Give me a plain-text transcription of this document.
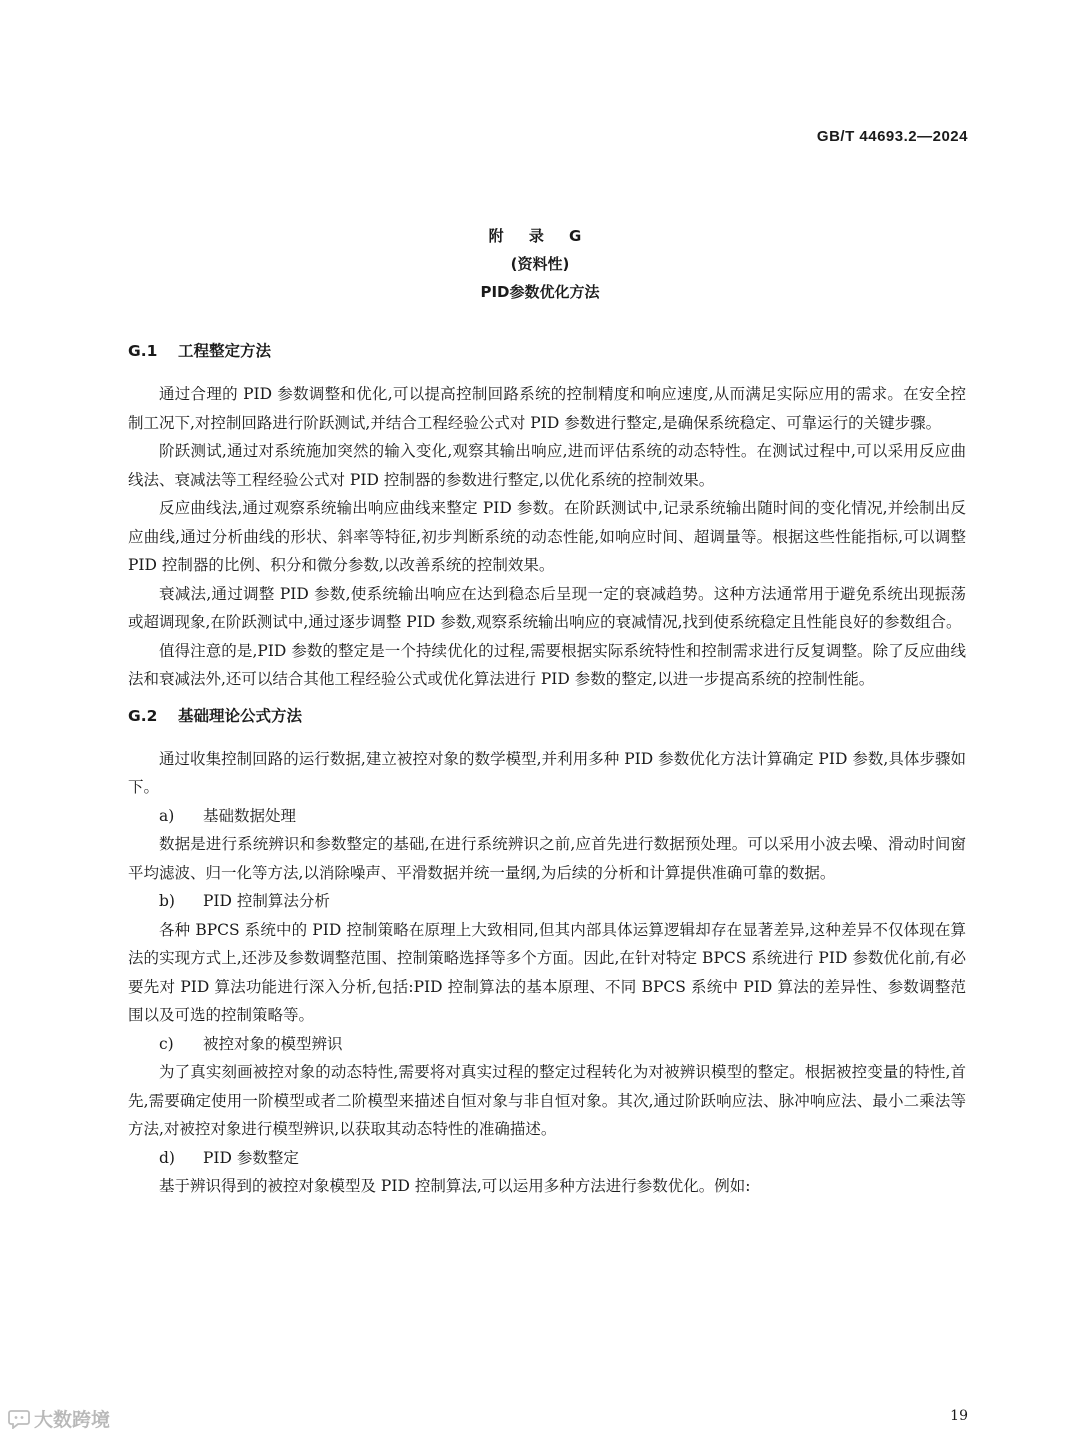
GB/T 44693.2—2024
附 录 G
(资料性)
PID参数优化方法
G.1 工程整定方法

通过合理的 PID 参数调整和优化,可以提高控制回路系统的控制精度和响应速度,从而满足实际应用的需求。在安全控制工况下,对控制回路进行阶跃测试,并结合工程经验公式对 PID 参数进行整定,是确保系统稳定、可靠运行的关键步骤。

阶跃测试,通过对系统施加突然的输入变化,观察其输出响应,进而评估系统的动态特性。在测试过程中,可以采用反应曲线法、衰减法等工程经验公式对 PID 控制器的参数进行整定,以优化系统的控制效果。

反应曲线法,通过观察系统输出响应曲线来整定 PID 参数。在阶跃测试中,记录系统输出随时间的变化情况,并绘制出反应曲线,通过分析曲线的形状、斜率等特征,初步判断系统的动态性能,如响应时间、超调量等。根据这些性能指标,可以调整 PID 控制器的比例、积分和微分参数,以改善系统的控制效果。

衰减法,通过调整 PID 参数,使系统输出响应在达到稳态后呈现一定的衰减趋势。这种方法通常用于避免系统出现振荡或超调现象,在阶跃测试中,通过逐步调整 PID 参数,观察系统输出响应的衰减情况,找到使系统稳定且性能良好的参数组合。

值得注意的是,PID 参数的整定是一个持续优化的过程,需要根据实际系统特性和控制需求进行反复调整。除了反应曲线法和衰减法外,还可以结合其他工程经验公式或优化算法进行 PID 参数的整定,以进一步提高系统的控制性能。

G.2 基础理论公式方法

通过收集控制回路的运行数据,建立被控对象的数学模型,并利用多种 PID 参数优化方法计算确定 PID 参数,具体步骤如下。

a) 基础数据处理

数据是进行系统辨识和参数整定的基础,在进行系统辨识之前,应首先进行数据预处理。可以采用小波去噪、滑动时间窗平均滤波、归一化等方法,以消除噪声、平滑数据并统一量纲,为后续的分析和计算提供准确可靠的数据。

b) PID 控制算法分析

各种 BPCS 系统中的 PID 控制策略在原理上大致相同,但其内部具体运算逻辑却存在显著差异,这种差异不仅体现在算法的实现方式上,还涉及参数调整范围、控制策略选择等多个方面。因此,在针对特定 BPCS 系统进行 PID 参数优化前,有必要先对 PID 算法功能进行深入分析,包括:PID 控制算法的基本原理、不同 BPCS 系统中 PID 算法的差异性、参数调整范围以及可选的控制策略等。

c) 被控对象的模型辨识

为了真实刻画被控对象的动态特性,需要将对真实过程的整定过程转化为对被辨识模型的整定。根据被控变量的特性,首先,需要确定使用一阶模型或者二阶模型来描述自恒对象与非自恒对象。其次,通过阶跃响应法、脉冲响应法、最小二乘法等方法,对被控对象进行模型辨识,以获取其动态特性的准确描述。

d) PID 参数整定

基于辨识得到的被控对象模型及 PID 控制算法,可以运用多种方法进行参数优化。例如:

19
大数跨境
